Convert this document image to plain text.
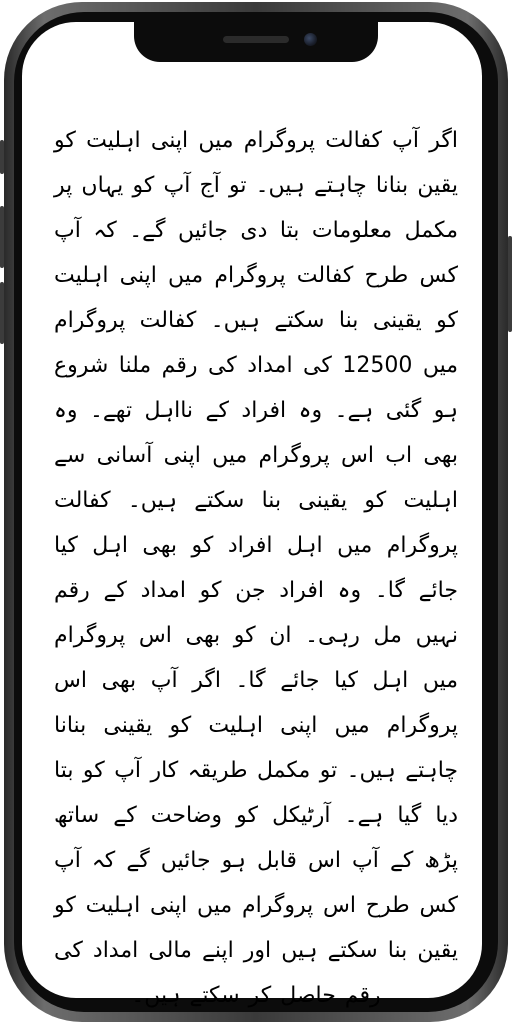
اگر آپ کفالت پروگرام میں اپنی اہلیت کو یقین بنانا چاہتے ہیں۔ تو آج آپ کو یہاں پر مکمل معلومات بتا دی جائیں گے۔ کہ آپ کس طرح کفالت پروگرام میں اپنی اہلیت کو یقینی بنا سکتے ہیں۔ کفالت پروگرام میں 12500 کی امداد کی رقم ملنا شروع ہو گئی ہے۔ وہ افراد کے نااہل تھے۔ وہ بھی اب اس پروگرام میں اپنی آسانی سے اہلیت کو یقینی بنا سکتے ہیں۔ کفالت پروگرام میں اہل افراد کو بھی اہل کیا جائے گا۔ وہ افراد جن کو امداد کے رقم نہیں مل رہی۔ ان کو بھی اس پروگرام میں اہل کیا جائے گا۔ اگر آپ بھی اس پروگرام میں اپنی اہلیت کو یقینی بنانا چاہتے ہیں۔ تو مکمل طریقہ کار آپ کو بتا دیا گیا ہے۔ آرٹیکل کو وضاحت کے ساتھ پڑھ کے آپ اس قابل ہو جائیں گے کہ آپ کس طرح اس پروگرام میں اپنی اہلیت کو یقین بنا سکتے ہیں اور اپنے مالی امداد کی رقم حاصل کر سکتے ہیں۔
